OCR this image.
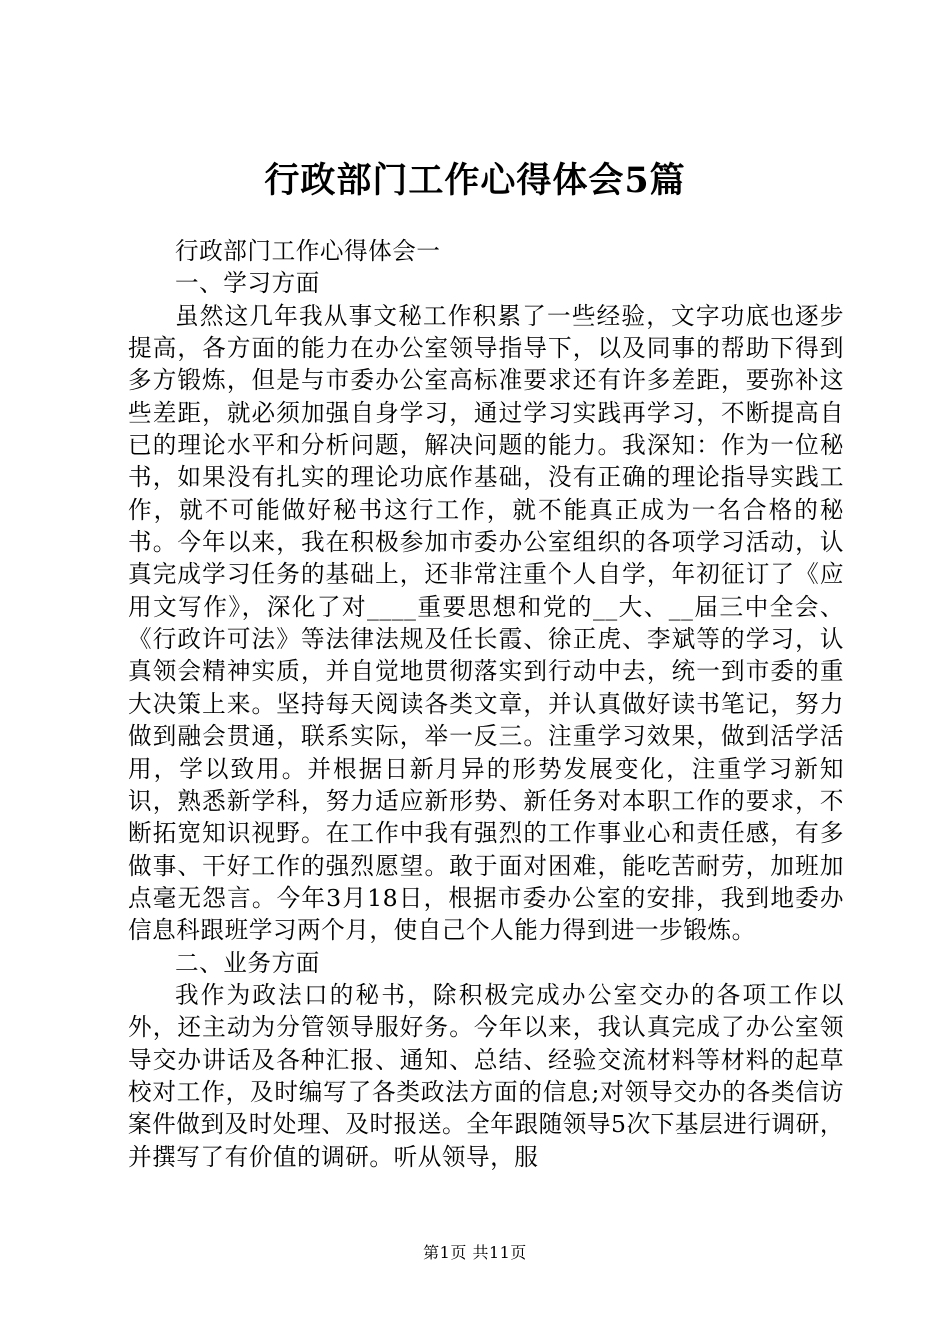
行政部门工作心得体会5篇

行政部门工作心得体会一

一、学习方面

虽然这几年我从事文秘工作积累了一些经验，文字功底也逐步提高，各方面的能力在办公室领导指导下，以及同事的帮助下得到多方锻炼，但是与市委办公室高标准要求还有许多差距，要弥补这些差距，就必须加强自身学习，通过学习实践再学习，不断提高自已的理论水平和分析问题，解决问题的能力。我深知：作为一位秘书，如果没有扎实的理论功底作基础，没有正确的理论指导实践工作，就不可能做好秘书这行工作，就不能真正成为一名合格的秘书。今年以来，我在积极参加市委办公室组织的各项学习活动，认真完成学习任务的基础上，还非常注重个人自学，年初征订了《应用文写作》，深化了对____重要思想和党的__大、__届三中全会、《行政许可法》等法律法规及任长霞、徐正虎、李斌等的学习，认真领会精神实质，并自觉地贯彻落实到行动中去，统一到市委的重大决策上来。坚持每天阅读各类文章，并认真做好读书笔记，努力做到融会贯通，联系实际，举一反三。注重学习效果，做到活学活用，学以致用。并根据日新月异的形势发展变化，注重学习新知识，熟悉新学科，努力适应新形势、新任务对本职工作的要求，不断拓宽知识视野。在工作中我有强烈的工作事业心和责任感，有多做事、干好工作的强烈愿望。敢于面对困难，能吃苦耐劳，加班加点毫无怨言。今年3月18日，根据市委办公室的安排，我到地委办信息科跟班学习两个月，使自己个人能力得到进一步锻炼。

二、业务方面

我作为政法口的秘书，除积极完成办公室交办的各项工作以外，还主动为分管领导服好务。今年以来，我认真完成了办公室领导交办讲话及各种汇报、通知、总结、经验交流材料等材料的起草校对工作，及时编写了各类政法方面的信息;对领导交办的各类信访案件做到及时处理、及时报送。全年跟随领导5次下基层进行调研，并撰写了有价值的调研。听从领导，服

第1页 共11页
